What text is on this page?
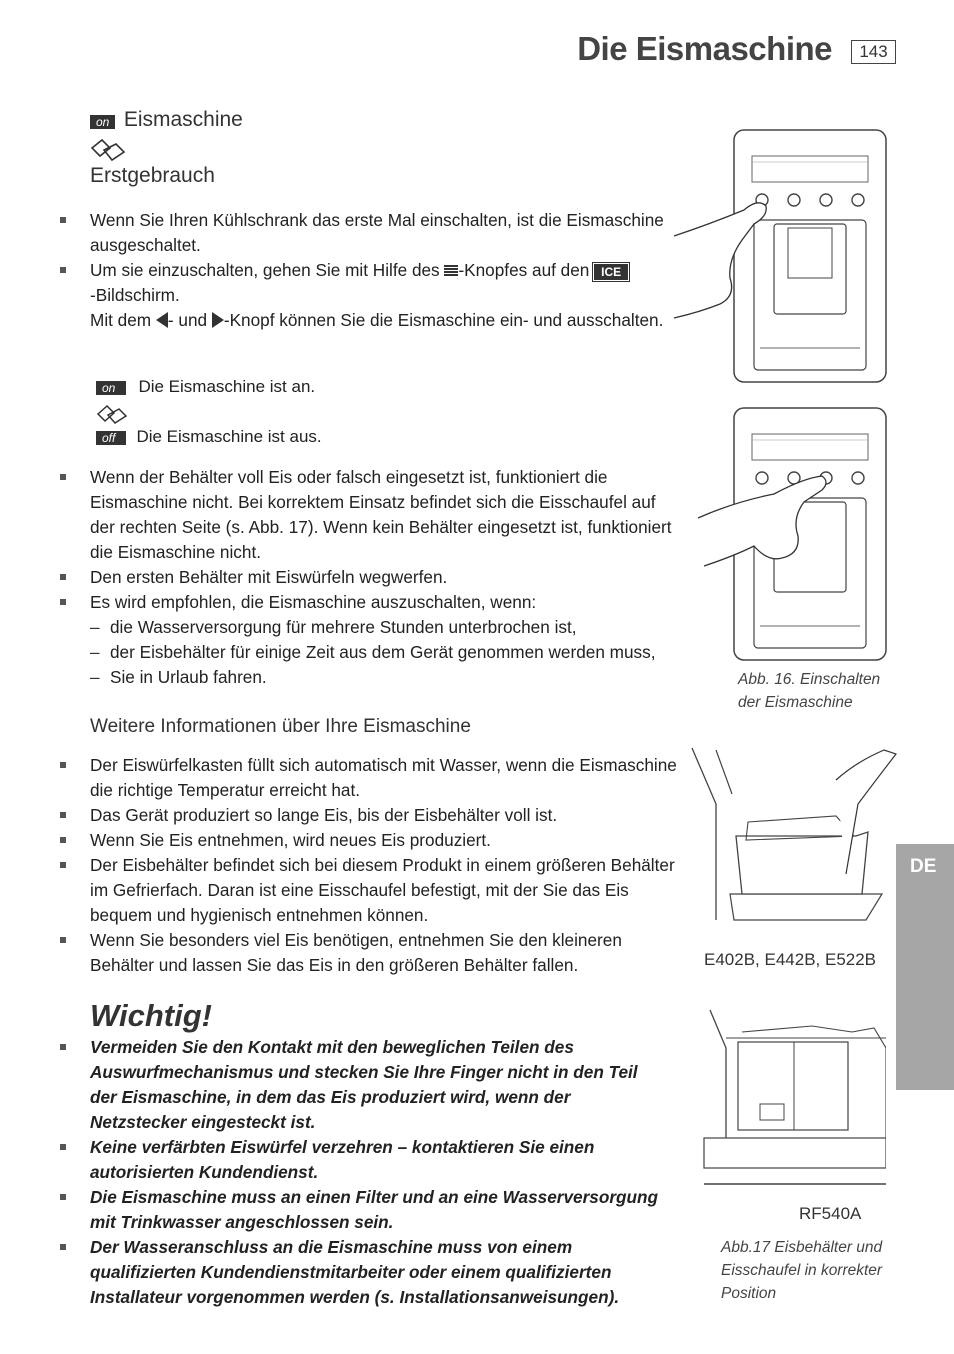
Die Eismaschine	143
on Eismaschine
Erstgebrauch
Wenn Sie Ihren Kühlschrank das erste Mal einschalten, ist die Eismaschine ausgeschaltet.
Um sie einzuschalten, gehen Sie mit Hilfe des -Knopfes auf den ICE
-Bildschirm.
Mit dem - und -Knopf können Sie die Eismaschine ein- und ausschalten.
on Die Eismaschine ist an.
off Die Eismaschine ist aus.
Wenn der Behälter voll Eis oder falsch eingesetzt ist, funktioniert die Eismaschine nicht. Bei korrektem Einsatz befindet sich die Eisschaufel auf der rechten Seite (s. Abb. 17). Wenn kein Behälter eingesetzt ist, funktioniert die Eismaschine nicht.
Den ersten Behälter mit Eiswürfeln wegwerfen.
Es wird empfohlen, die Eismaschine auszuschalten, wenn:
– die Wasserversorgung für mehrere Stunden unterbrochen ist,
– der Eisbehälter für einige Zeit aus dem Gerät genommen werden muss,
– Sie in Urlaub fahren.
Weitere Informationen über Ihre Eismaschine
Der Eiswürfelkasten füllt sich automatisch mit Wasser, wenn die Eismaschine die richtige Temperatur erreicht hat.
Das Gerät produziert so lange Eis, bis der Eisbehälter voll ist.
Wenn Sie Eis entnehmen, wird neues Eis produziert.
Der Eisbehälter befindet sich bei diesem Produkt in einem größeren Behälter im Gefrierfach. Daran ist eine Eisschaufel befestigt, mit der Sie das Eis bequem und hygienisch entnehmen können.
Wenn Sie besonders viel Eis benötigen, entnehmen Sie den kleineren Behälter und lassen Sie das Eis in den größeren Behälter fallen.
Wichtig!
Vermeiden Sie den Kontakt mit den beweglichen Teilen des Auswurfmechanismus und stecken Sie Ihre Finger nicht in den Teil der Eismaschine, in dem das Eis produziert wird, wenn der Netzstecker eingesteckt ist.
Keine verfärbten Eiswürfel verzehren – kontaktieren Sie einen autorisierten Kundendienst.
Die Eismaschine muss an einen Filter und an eine Wasserversorgung mit Trinkwasser angeschlossen sein.
Der Wasseranschluss an die Eismaschine muss von einem qualifizierten Kundendienstmitarbeiter oder einem qualifizierten Installateur vorgenommen werden (s. Installationsanweisungen).
DE
Abb. 16. Einschalten
der Eismaschine
E402B, E442B, E522B
RF540A
Abb.17 Eisbehälter und
Eisschaufel in korrekter
Position
